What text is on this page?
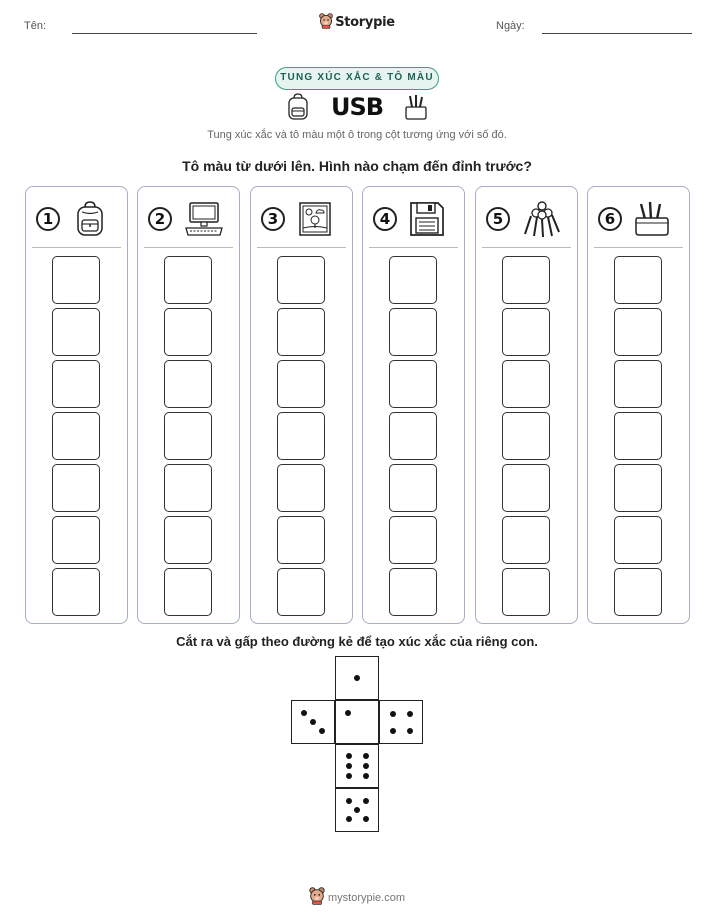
Tên:	Storypie	Ngày:
TUNG XÚC XẮC & TÔ MÀU
USB
Tung xúc xắc và tô màu một ô trong cột tương ứng với số đó.
Tô màu từ dưới lên. Hình nào chạm đến đỉnh trước?
1	2	3	4	5	6
Cắt ra và gấp theo đường kẻ để tạo xúc xắc của riêng con.
mystorypie.com
